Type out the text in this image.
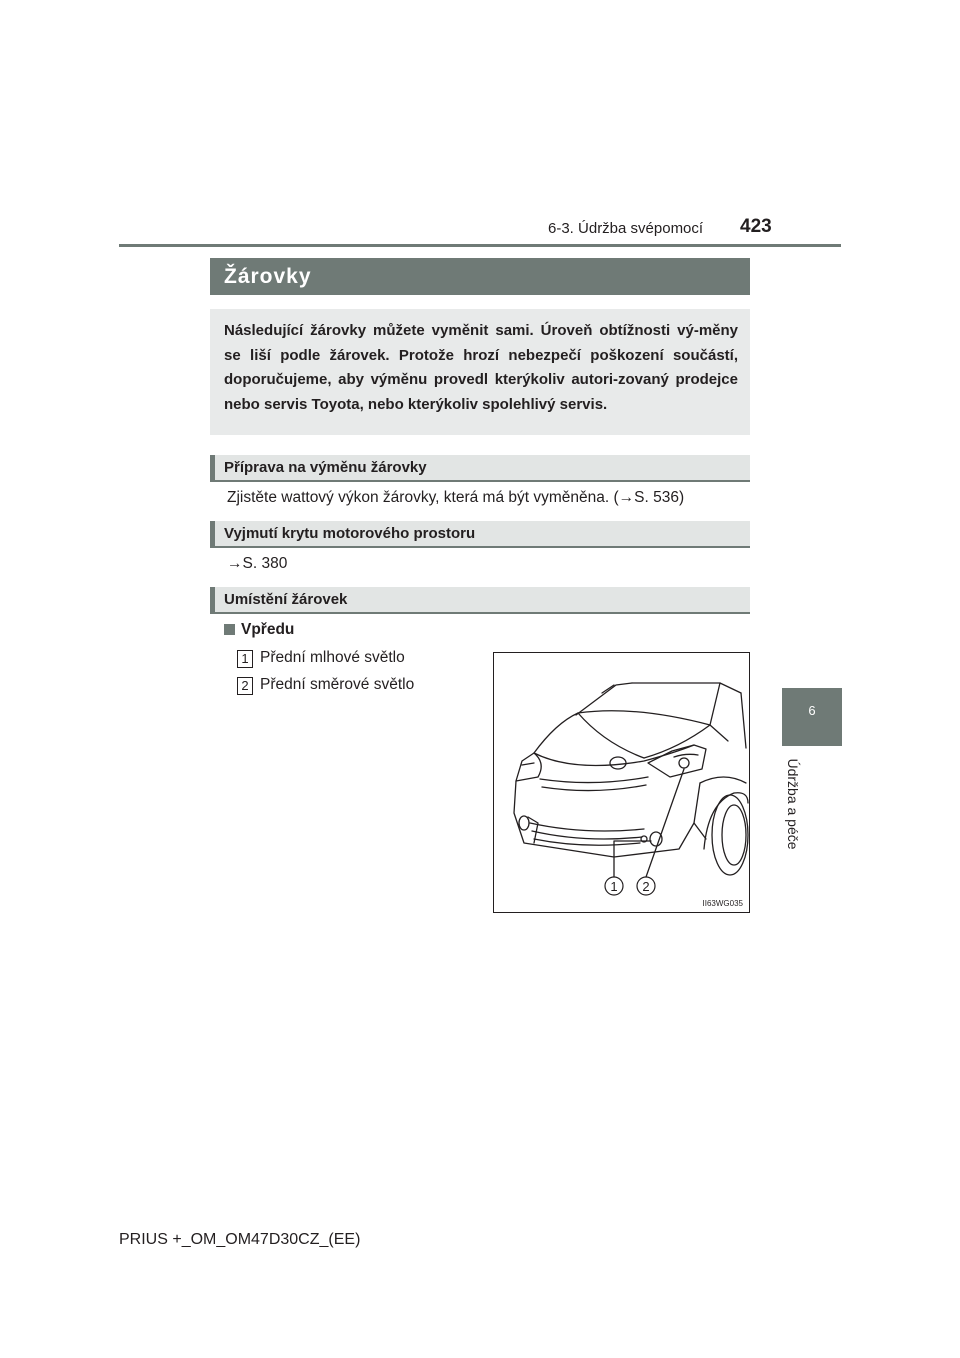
6-3. Údržba svépomocí 423
6
Údržba a péče
Žárovky
Následující žárovky můžete vyměnit sami. Úroveň obtížnosti vý-měny se liší podle žárovek. Protože hrozí nebezpečí poškození součástí, doporučujeme, aby výměnu provedl kterýkoliv autori-zovaný prodejce nebo servis Toyota, nebo kterýkoliv spolehlivý servis.
Příprava na výměnu žárovky
Zjistěte wattový výkon žárovky, která má být vyměněna. (→S. 536)
Vyjmutí krytu motorového prostoru
→S. 380
Umístění žárovek
Vpředu
1 Přední mlhové světlo
2 Přední směrové světlo
1 2
II63WG035
PRIUS +_OM_OM47D30CZ_(EE)
